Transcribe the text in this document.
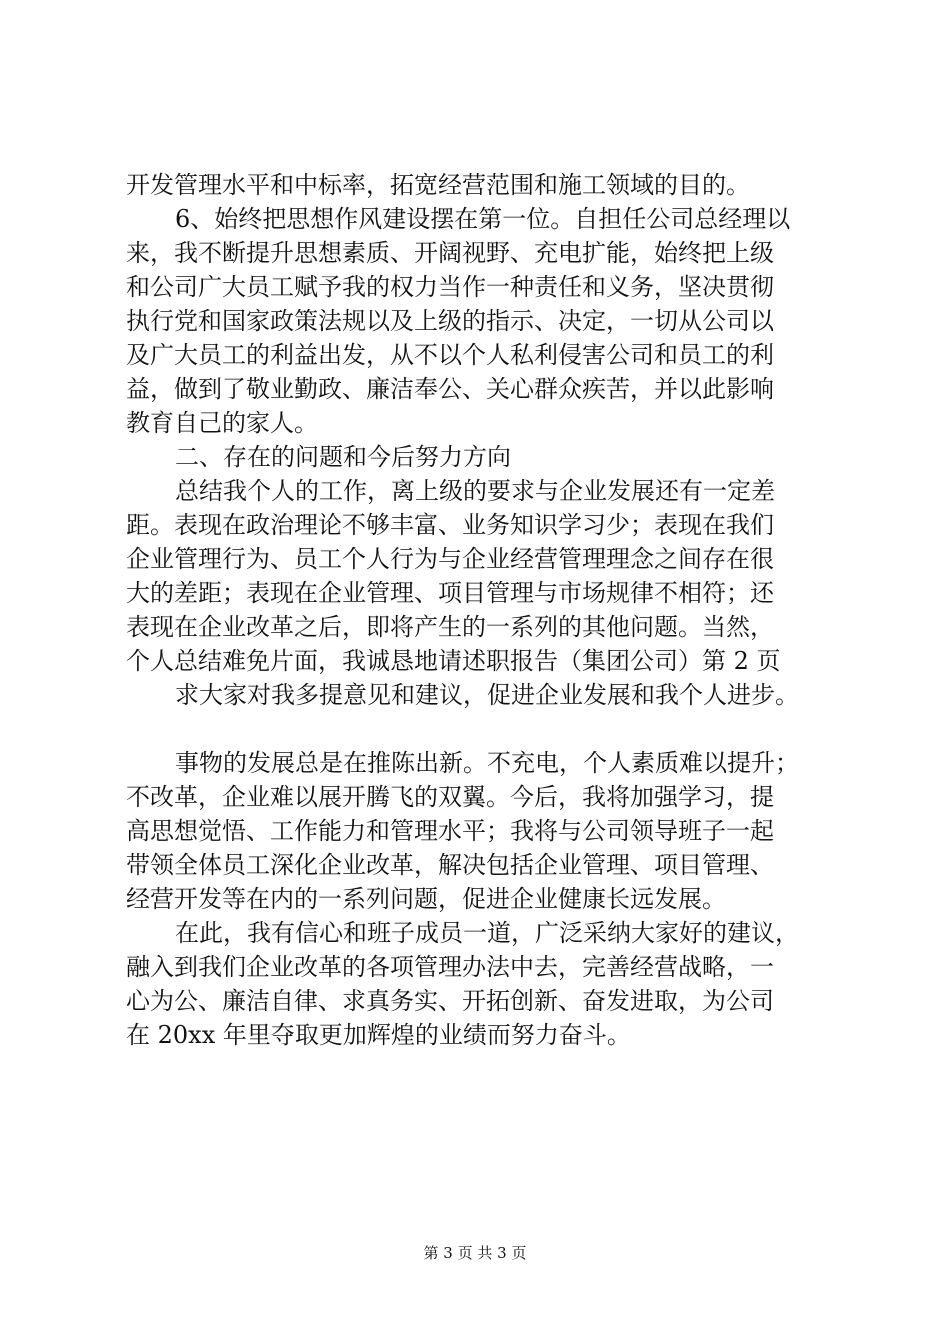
开发管理水平和中标率，拓宽经营范围和施工领域的目的。
6、始终把思想作风建设摆在第一位。自担任公司总经理以
来，我不断提升思想素质、开阔视野、充电扩能，始终把上级
和公司广大员工赋予我的权力当作一种责任和义务，坚决贯彻
执行党和国家政策法规以及上级的指示、决定，一切从公司以
及广大员工的利益出发，从不以个人私利侵害公司和员工的利
益，做到了敬业勤政、廉洁奉公、关心群众疾苦，并以此影响
教育自己的家人。
二、存在的问题和今后努力方向
总结我个人的工作，离上级的要求与企业发展还有一定差
距。表现在政治理论不够丰富、业务知识学习少；表现在我们
企业管理行为、员工个人行为与企业经营管理理念之间存在很
大的差距；表现在企业管理、项目管理与市场规律不相符；还
表现在企业改革之后，即将产生的一系列的其他问题。当然，
个人总结难免片面，我诚恳地请述职报告（集团公司）第 2 页
求大家对我多提意见和建议，促进企业发展和我个人进步。
事物的发展总是在推陈出新。不充电，个人素质难以提升；
不改革，企业难以展开腾飞的双翼。今后，我将加强学习，提
高思想觉悟、工作能力和管理水平；我将与公司领导班子一起
带领全体员工深化企业改革，解决包括企业管理、项目管理、
经营开发等在内的一系列问题，促进企业健康长远发展。
在此，我有信心和班子成员一道，广泛采纳大家好的建议，
融入到我们企业改革的各项管理办法中去，完善经营战略，一
心为公、廉洁自律、求真务实、开拓创新、奋发进取，为公司
在 20xx 年里夺取更加辉煌的业绩而努力奋斗。
第 3 页 共 3 页
